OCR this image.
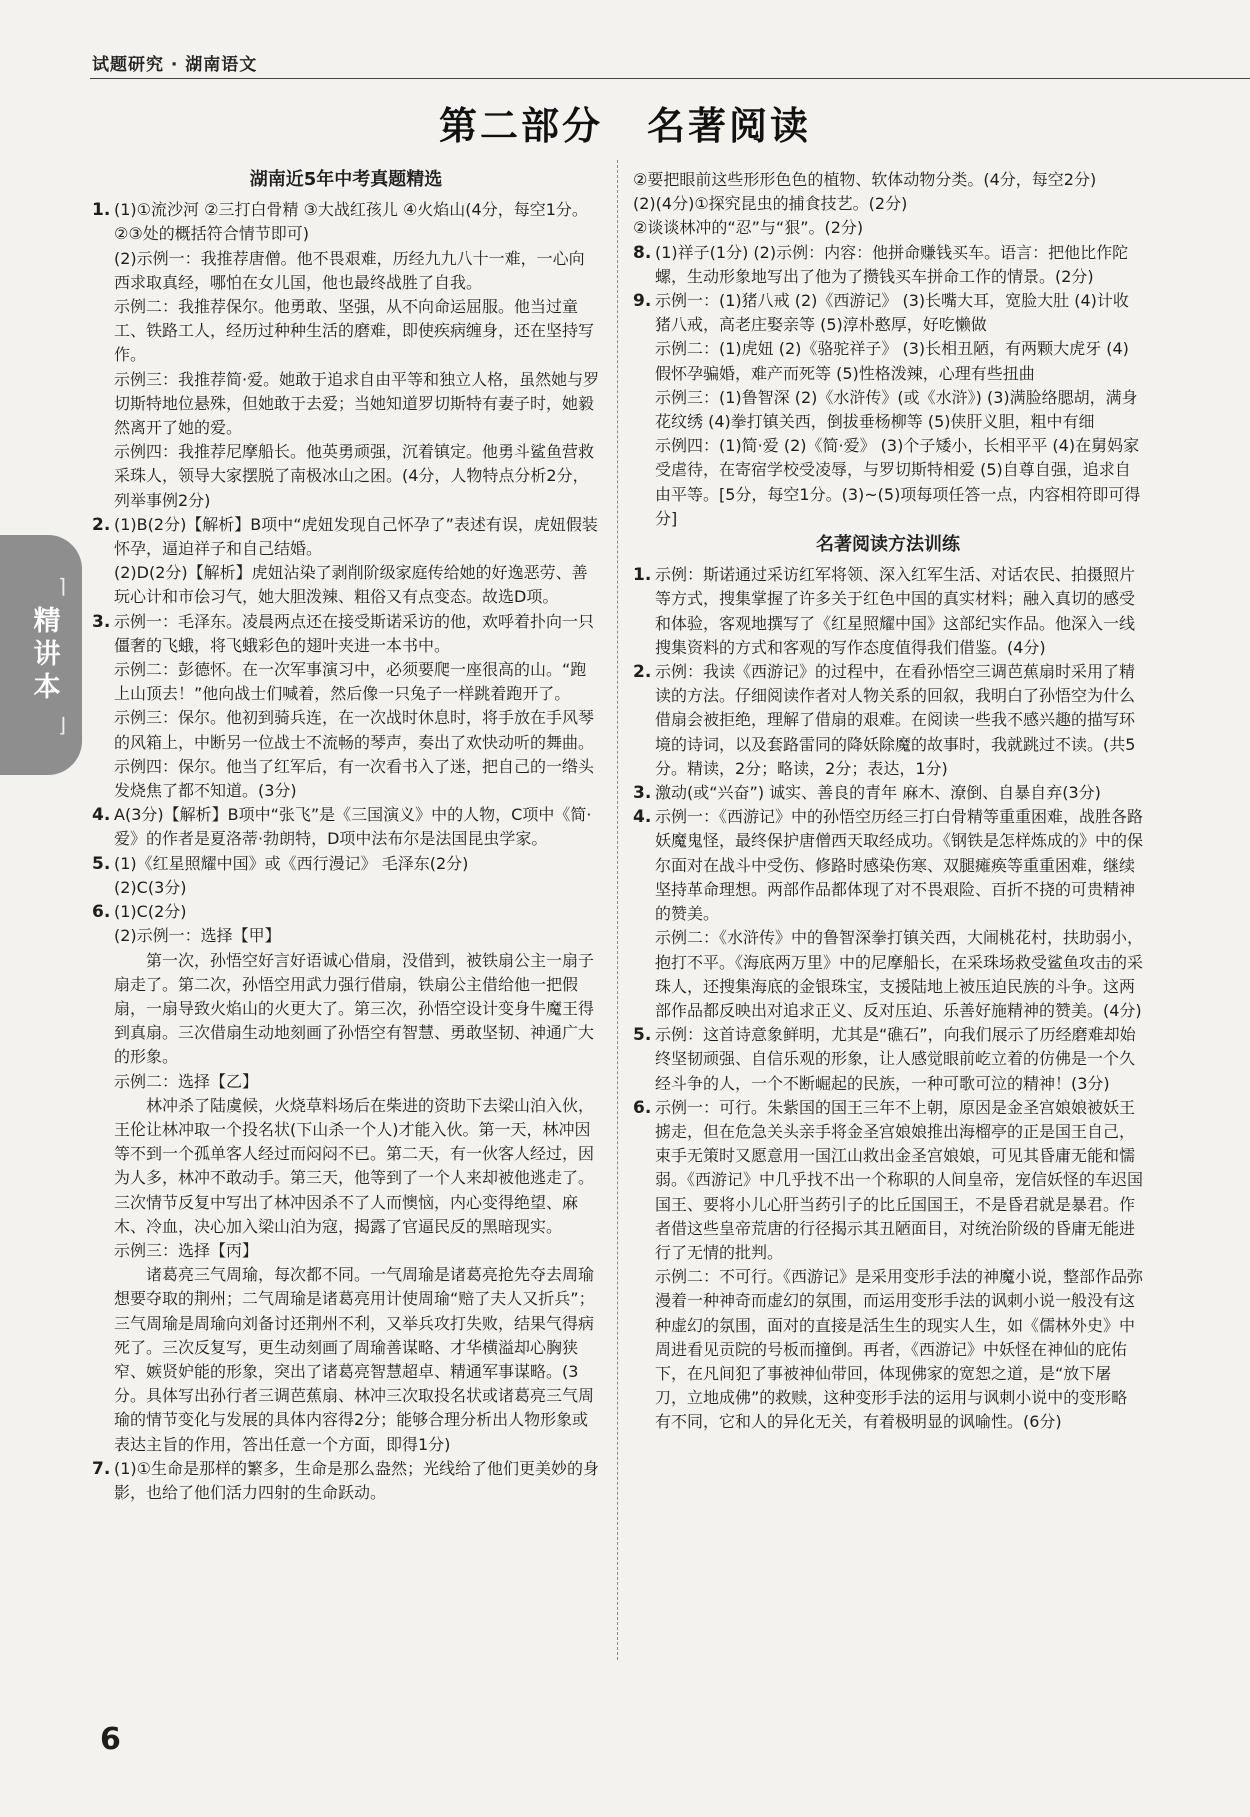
试题研究 · 湖南语文
第二部分 名著阅读
⌉
精讲本
⌋
湖南近5年中考真题精选
1. (1)①流沙河 ②三打白骨精 ③大战红孩儿 ④火焰山(4分，每空1分。②③处的概括符合情节即可)

(2)示例一：我推荐唐僧。他不畏艰难，历经九九八十一难，一心向西求取真经，哪怕在女儿国，他也最终战胜了自我。

示例二：我推荐保尔。他勇敢、坚强，从不向命运屈服。他当过童工、铁路工人，经历过种种生活的磨难，即使疾病缠身，还在坚持写作。

示例三：我推荐简·爱。她敢于追求自由平等和独立人格，虽然她与罗切斯特地位悬殊，但她敢于去爱；当她知道罗切斯特有妻子时，她毅然离开了她的爱。

示例四：我推荐尼摩船长。他英勇顽强，沉着镇定。他勇斗鲨鱼营救采珠人，领导大家摆脱了南极冰山之困。(4分，人物特点分析2分，列举事例2分)

2. (1)B(2分)【解析】B项中“虎妞发现自己怀孕了”表述有误，虎妞假装怀孕，逼迫祥子和自己结婚。

(2)D(2分)【解析】虎妞沾染了剥削阶级家庭传给她的好逸恶劳、善玩心计和市侩习气，她大胆泼辣、粗俗又有点变态。故选D项。

3. 示例一：毛泽东。凌晨两点还在接受斯诺采访的他，欢呼着扑向一只僵奢的飞蛾，将飞蛾彩色的翅叶夹进一本书中。

示例二：彭德怀。在一次军事演习中，必须要爬一座很高的山。“跑上山顶去！”他向战士们喊着，然后像一只兔子一样跳着跑开了。

示例三：保尔。他初到骑兵连，在一次战时休息时，将手放在手风琴的风箱上，中断另一位战士不流畅的琴声，奏出了欢快动听的舞曲。

示例四：保尔。他当了红军后，有一次看书入了迷，把自己的一绺头发烧焦了都不知道。(3分)

4. A(3分)【解析】B项中“张飞”是《三国演义》中的人物，C项中《简·爱》的作者是夏洛蒂·勃朗特，D项中法布尔是法国昆虫学家。

5. (1)《红星照耀中国》或《西行漫记》 毛泽东(2分)

(2)C(3分)

6. (1)C(2分)

(2)示例一：选择【甲】

第一次，孙悟空好言好语诚心借扇，没借到，被铁扇公主一扇子扇走了。第二次，孙悟空用武力强行借扇，铁扇公主借给他一把假扇，一扇导致火焰山的火更大了。第三次，孙悟空设计变身牛魔王得到真扇。三次借扇生动地刻画了孙悟空有智慧、勇敢坚韧、神通广大的形象。

示例二：选择【乙】

林冲杀了陆虞候，火烧草料场后在柴进的资助下去梁山泊入伙，王伦让林冲取一个投名状(下山杀一个人)才能入伙。第一天，林冲因等不到一个孤单客人经过而闷闷不已。第二天，有一伙客人经过，因为人多，林冲不敢动手。第三天，他等到了一个人来却被他逃走了。三次情节反复中写出了林冲因杀不了人而懊恼，内心变得绝望、麻木、冷血，决心加入梁山泊为寇，揭露了官逼民反的黑暗现实。

示例三：选择【丙】

诸葛亮三气周瑜，每次都不同。一气周瑜是诸葛亮抢先夺去周瑜想要夺取的荆州；二气周瑜是诸葛亮用计使周瑜“赔了夫人又折兵”；三气周瑜是周瑜向刘备讨还荆州不利，又举兵攻打失败，结果气得病死了。三次反复写，更生动刻画了周瑜善谋略、才华横溢却心胸狭窄、嫉贤妒能的形象，突出了诸葛亮智慧超卓、精通军事谋略。(3分。具体写出孙行者三调芭蕉扇、林冲三次取投名状或诸葛亮三气周瑜的情节变化与发展的具体内容得2分；能够合理分析出人物形象或表达主旨的作用，答出任意一个方面，即得1分)

7. (1)①生命是那样的繁多，生命是那么盎然；光线给了他们更美妙的身影，也给了他们活力四射的生命跃动。

②要把眼前这些形形色色的植物、软体动物分类。(4分，每空2分)

(2)(4分)①探究昆虫的捕食技艺。(2分)

②谈谈林冲的“忍”与“狠”。(2分)

8. (1)祥子(1分) (2)示例：内容：他拼命赚钱买车。语言：把他比作陀螺，生动形象地写出了他为了攒钱买车拼命工作的情景。(2分)

9. 示例一：(1)猪八戒 (2)《西游记》 (3)长嘴大耳，宽脸大肚 (4)计收猪八戒，高老庄娶亲等 (5)淳朴憨厚，好吃懒做

示例二：(1)虎妞 (2)《骆驼祥子》 (3)长相丑陋，有两颗大虎牙 (4)假怀孕骗婚，难产而死等 (5)性格泼辣，心理有些扭曲

示例三：(1)鲁智深 (2)《水浒传》(或《水浒》) (3)满脸络腮胡，满身花纹绣 (4)拳打镇关西，倒拔垂杨柳等 (5)侠肝义胆，粗中有细

示例四：(1)简·爱 (2)《简·爱》 (3)个子矮小，长相平平 (4)在舅妈家受虐待，在寄宿学校受凌辱，与罗切斯特相爱 (5)自尊自强，追求自由平等。[5分，每空1分。(3)~(5)项每项任答一点，内容相符即可得分]

名著阅读方法训练
1. 示例：斯诺通过采访红军将领、深入红军生活、对话农民、拍摄照片等方式，搜集掌握了许多关于红色中国的真实材料；融入真切的感受和体验，客观地撰写了《红星照耀中国》这部纪实作品。他深入一线搜集资料的方式和客观的写作态度值得我们借鉴。(4分)

2. 示例：我读《西游记》的过程中，在看孙悟空三调芭蕉扇时采用了精读的方法。仔细阅读作者对人物关系的回叙，我明白了孙悟空为什么借扇会被拒绝，理解了借扇的艰难。在阅读一些我不感兴趣的描写环境的诗词，以及套路雷同的降妖除魔的故事时，我就跳过不读。(共5分。精读，2分；略读，2分；表达，1分)

3. 激动(或“兴奋”) 诚实、善良的青年 麻木、潦倒、自暴自弃(3分)

4. 示例一：《西游记》中的孙悟空历经三打白骨精等重重困难，战胜各路妖魔鬼怪，最终保护唐僧西天取经成功。《钢铁是怎样炼成的》中的保尔面对在战斗中受伤、修路时感染伤寒、双腿瘫痪等重重困难，继续坚持革命理想。两部作品都体现了对不畏艰险、百折不挠的可贵精神的赞美。

示例二：《水浒传》中的鲁智深拳打镇关西，大闹桃花村，扶助弱小，抱打不平。《海底两万里》中的尼摩船长，在采珠场救受鲨鱼攻击的采珠人，还搜集海底的金银珠宝，支援陆地上被压迫民族的斗争。这两部作品都反映出对追求正义、反对压迫、乐善好施精神的赞美。(4分)

5. 示例：这首诗意象鲜明，尤其是“礁石”，向我们展示了历经磨难却始终坚韧顽强、自信乐观的形象，让人感觉眼前屹立着的仿佛是一个久经斗争的人，一个不断崛起的民族，一种可歌可泣的精神！(3分)

6. 示例一：可行。朱紫国的国王三年不上朝，原因是金圣宫娘娘被妖王掳走，但在危急关头亲手将金圣宫娘娘推出海榴亭的正是国王自己，束手无策时又愿意用一国江山救出金圣宫娘娘，可见其昏庸无能和懦弱。《西游记》中几乎找不出一个称职的人间皇帝，宠信妖怪的车迟国国王、要将小儿心肝当药引子的比丘国国王，不是昏君就是暴君。作者借这些皇帝荒唐的行径揭示其丑陋面目，对统治阶级的昏庸无能进行了无情的批判。

示例二：不可行。《西游记》是采用变形手法的神魔小说，整部作品弥漫着一种神奇而虚幻的氛围，而运用变形手法的讽刺小说一般没有这种虚幻的氛围，面对的直接是活生生的现实人生，如《儒林外史》中周进看见贡院的号板而撞倒。再者，《西游记》中妖怪在神仙的庇佑下，在凡间犯了事被神仙带回，体现佛家的宽恕之道，是“放下屠刀，立地成佛”的救赎，这种变形手法的运用与讽刺小说中的变形略有不同，它和人的异化无关，有着极明显的讽喻性。(6分)

6
